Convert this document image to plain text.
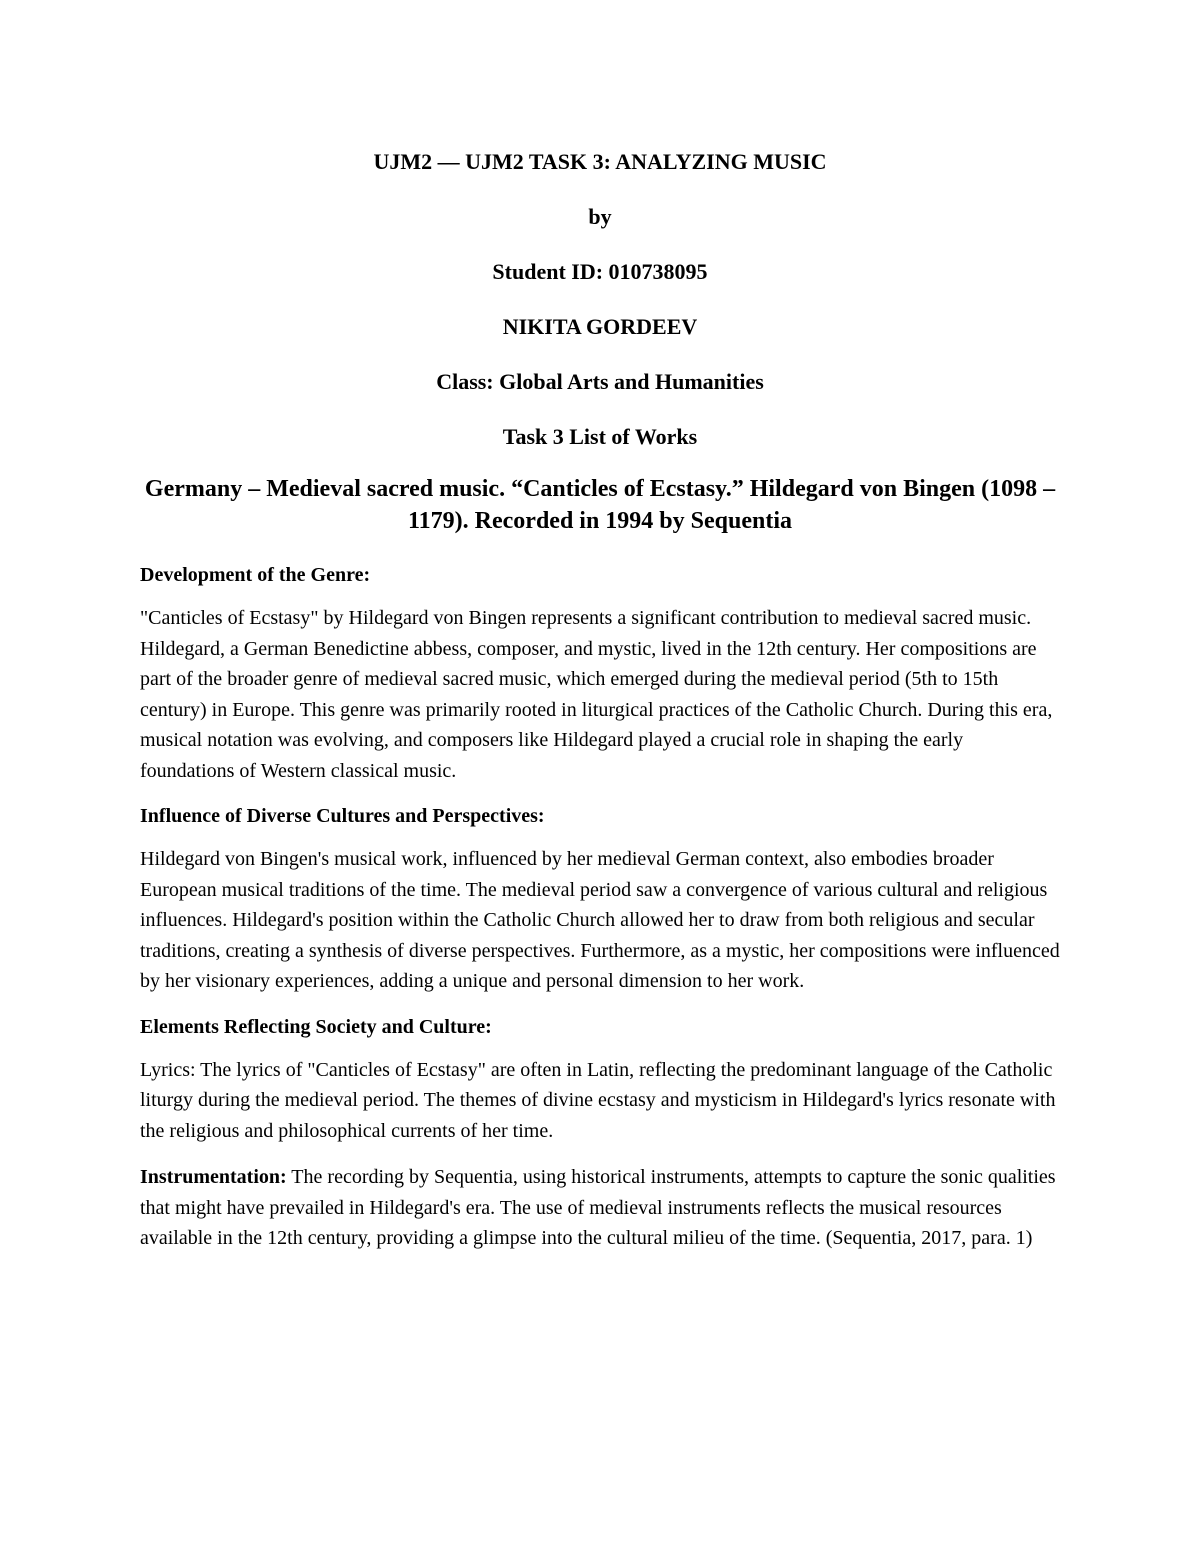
UJM2 — UJM2 TASK 3: ANALYZING MUSIC
by
Student ID: 010738095
NIKITA GORDEEV
Class: Global Arts and Humanities
Task 3 List of Works
Germany – Medieval sacred music. “Canticles of Ecstasy.” Hildegard von Bingen (1098 – 1179). Recorded in 1994 by Sequentia
Development of the Genre:

"Canticles of Ecstasy" by Hildegard von Bingen represents a significant contribution to medieval sacred music. Hildegard, a German Benedictine abbess, composer, and mystic, lived in the 12th century. Her compositions are part of the broader genre of medieval sacred music, which emerged during the medieval period (5th to 15th century) in Europe. This genre was primarily rooted in liturgical practices of the Catholic Church. During this era, musical notation was evolving, and composers like Hildegard played a crucial role in shaping the early foundations of Western classical music.

Influence of Diverse Cultures and Perspectives:

Hildegard von Bingen's musical work, influenced by her medieval German context, also embodies broader European musical traditions of the time. The medieval period saw a convergence of various cultural and religious influences. Hildegard's position within the Catholic Church allowed her to draw from both religious and secular traditions, creating a synthesis of diverse perspectives. Furthermore, as a mystic, her compositions were influenced by her visionary experiences, adding a unique and personal dimension to her work.

Elements Reflecting Society and Culture:

Lyrics: The lyrics of "Canticles of Ecstasy" are often in Latin, reflecting the predominant language of the Catholic liturgy during the medieval period. The themes of divine ecstasy and mysticism in Hildegard's lyrics resonate with the religious and philosophical currents of her time.

Instrumentation: The recording by Sequentia, using historical instruments, attempts to capture the sonic qualities that might have prevailed in Hildegard's era. The use of medieval instruments reflects the musical resources available in the 12th century, providing a glimpse into the cultural milieu of the time. (Sequentia, 2017, para. 1)
